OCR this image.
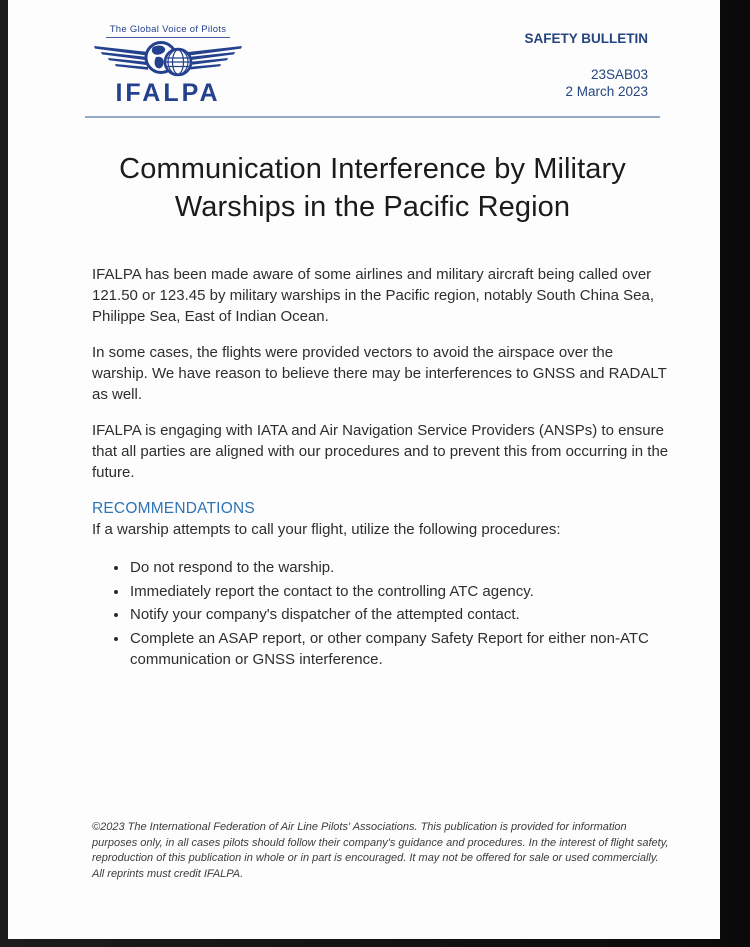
The Global Voice of Pilots
IFALPA
SAFETY BULLETIN
23SAB03
2 March 2023
Communication Interference by Military Warships in the Pacific Region

IFALPA has been made aware of some airlines and military aircraft being called over 121.50 or 123.45 by military warships in the Pacific region, notably South China Sea, Philippe Sea, East of Indian Ocean.

In some cases, the flights were provided vectors to avoid the airspace over the warship. We have reason to believe there may be interferences to GNSS and RADALT as well.

IFALPA is engaging with IATA and Air Navigation Service Providers (ANSPs) to ensure that all parties are aligned with our procedures and to prevent this from occurring in the future.

RECOMMENDATIONS

If a warship attempts to call your flight, utilize the following procedures:

• Do not respond to the warship.
• Immediately report the contact to the controlling ATC agency.
• Notify your company's dispatcher of the attempted contact.
• Complete an ASAP report, or other company Safety Report for either non-ATC communication or GNSS interference.
©2023 The International Federation of Air Line Pilots' Associations. This publication is provided for information purposes only, in all cases pilots should follow their company's guidance and procedures. In the interest of flight safety, reproduction of this publication in whole or in part is encouraged. It may not be offered for sale or used commercially. All reprints must credit IFALPA.
